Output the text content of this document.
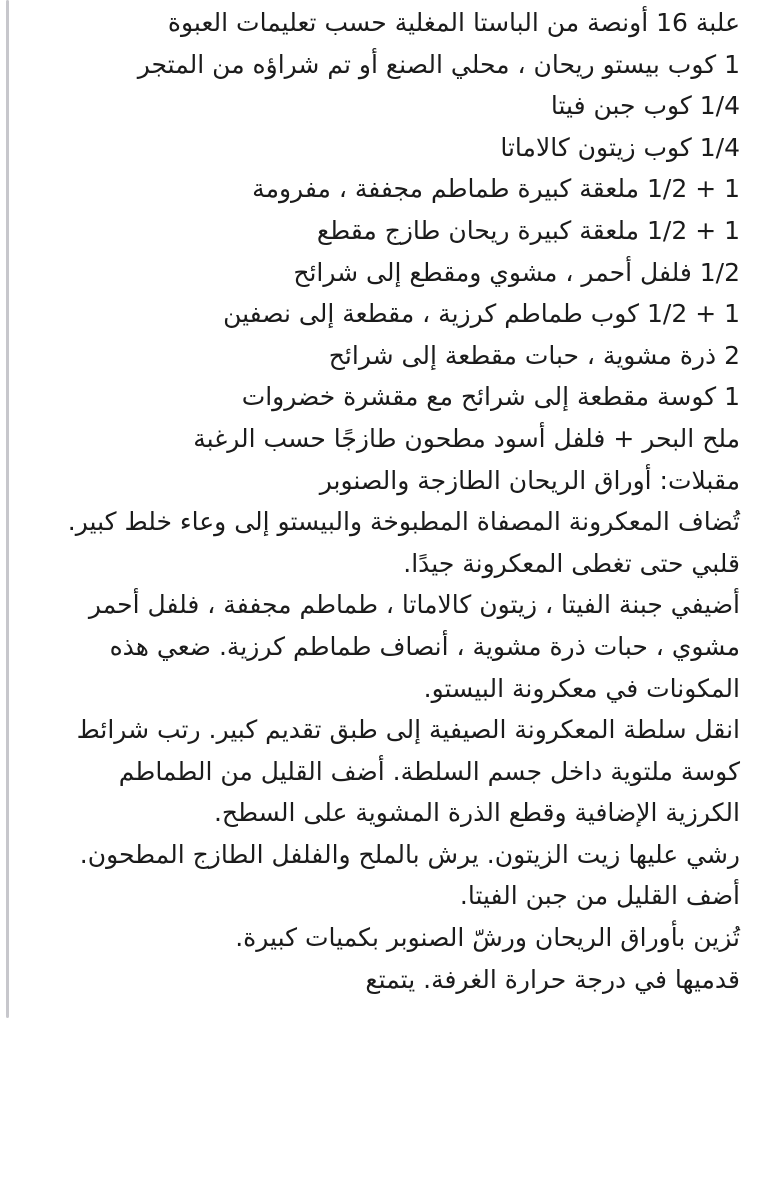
علبة 16 أونصة من الباستا المغلية حسب تعليمات العبوة

1 كوب بيستو ريحان ، محلي الصنع أو تم شراؤه من المتجر

1/4 كوب جبن فيتا

1/4 كوب زيتون كالاماتا

1 + 1/2 ملعقة كبيرة طماطم مجففة ، مفرومة

1 + 1/2 ملعقة كبيرة ريحان طازج مقطع

1/2 فلفل أحمر ، مشوي ومقطع إلى شرائح

1 + 1/2 كوب طماطم كرزية ، مقطعة إلى نصفين

2 ذرة مشوية ، حبات مقطعة إلى شرائح

1 كوسة مقطعة إلى شرائح مع مقشرة خضروات

ملح البحر + فلفل أسود مطحون طازجًا حسب الرغبة

مقبلات: أوراق الريحان الطازجة والصنوبر

تُضاف المعكرونة المصفاة المطبوخة والبيستو إلى وعاء خلط كبير. قلبي حتى تغطى المعكرونة جيدًا.

أضيفي جبنة الفيتا ، زيتون كالاماتا ، طماطم مجففة ، فلفل أحمر مشوي ، حبات ذرة مشوية ، أنصاف طماطم كرزية. ضعي هذه المكونات في معكرونة البيستو.

انقل سلطة المعكرونة الصيفية إلى طبق تقديم كبير. رتب شرائط كوسة ملتوية داخل جسم السلطة. أضف القليل من الطماطم الكرزية الإضافية وقطع الذرة المشوية على السطح.

رشي عليها زيت الزيتون. يرش بالملح والفلفل الطازج المطحون. أضف القليل من جبن الفيتا.

تُزين بأوراق الريحان ورشّ الصنوبر بكميات كبيرة.

قدميها في درجة حرارة الغرفة. يتمتع
